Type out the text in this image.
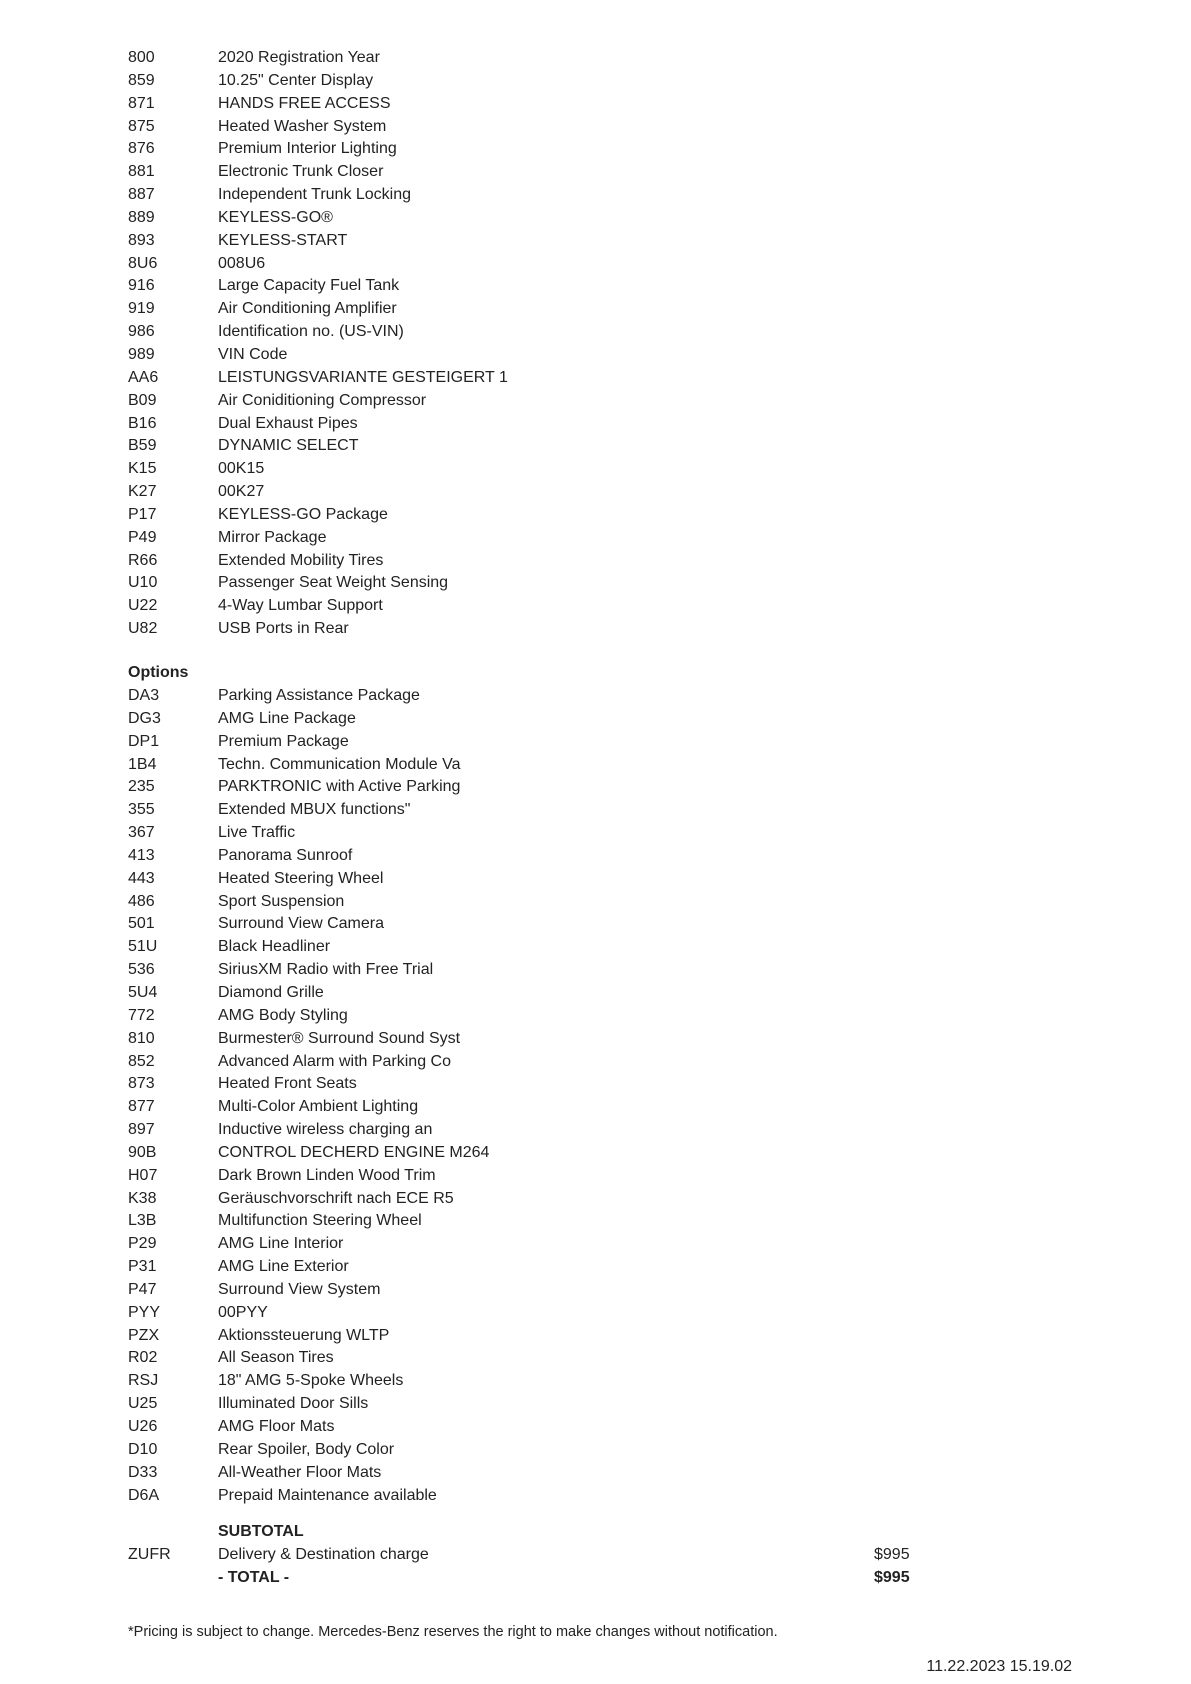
800	2020 Registration Year
859	10.25" Center Display
871	HANDS FREE ACCESS
875	Heated Washer System
876	Premium Interior Lighting
881	Electronic Trunk Closer
887	Independent Trunk Locking
889	KEYLESS-GO®
893	KEYLESS-START
8U6	008U6
916	Large Capacity Fuel Tank
919	Air Conditioning Amplifier
986	Identification no. (US-VIN)
989	VIN Code
AA6	LEISTUNGSVARIANTE GESTEIGERT 1
B09	Air Coniditioning Compressor
B16	Dual Exhaust Pipes
B59	DYNAMIC SELECT
K15	00K15
K27	00K27
P17	KEYLESS-GO Package
P49	Mirror Package
R66	Extended Mobility Tires
U10	Passenger Seat Weight Sensing
U22	4-Way Lumbar Support
U82	USB Ports in Rear
Options
DA3	Parking Assistance Package
DG3	AMG Line Package
DP1	Premium Package
1B4	Techn. Communication Module Va
235	PARKTRONIC with Active Parking
355	Extended MBUX functions"
367	Live Traffic
413	Panorama Sunroof
443	Heated Steering Wheel
486	Sport Suspension
501	Surround View Camera
51U	Black Headliner
536	SiriusXM Radio with Free Trial
5U4	Diamond Grille
772	AMG Body Styling
810	Burmester® Surround Sound Syst
852	Advanced Alarm with Parking Co
873	Heated Front Seats
877	Multi-Color Ambient Lighting
897	Inductive wireless charging an
90B	CONTROL DECHERD ENGINE M264
H07	Dark Brown Linden Wood Trim
K38	Geräuschvorschrift nach ECE R5
L3B	Multifunction Steering Wheel
P29	AMG Line Interior
P31	AMG Line Exterior
P47	Surround View System
PYY	00PYY
PZX	Aktionssteuerung WLTP
R02	All Season Tires
RSJ	18" AMG 5-Spoke Wheels
U25	Illuminated Door Sills
U26	AMG Floor Mats
D10	Rear Spoiler, Body Color
D33	All-Weather Floor Mats
D6A	Prepaid Maintenance available
SUBTOTAL
ZUFR	Delivery & Destination charge	$995
- TOTAL -	$995
*Pricing is subject to change. Mercedes-Benz reserves the right to make changes without notification.
11.22.2023 15.19.02
